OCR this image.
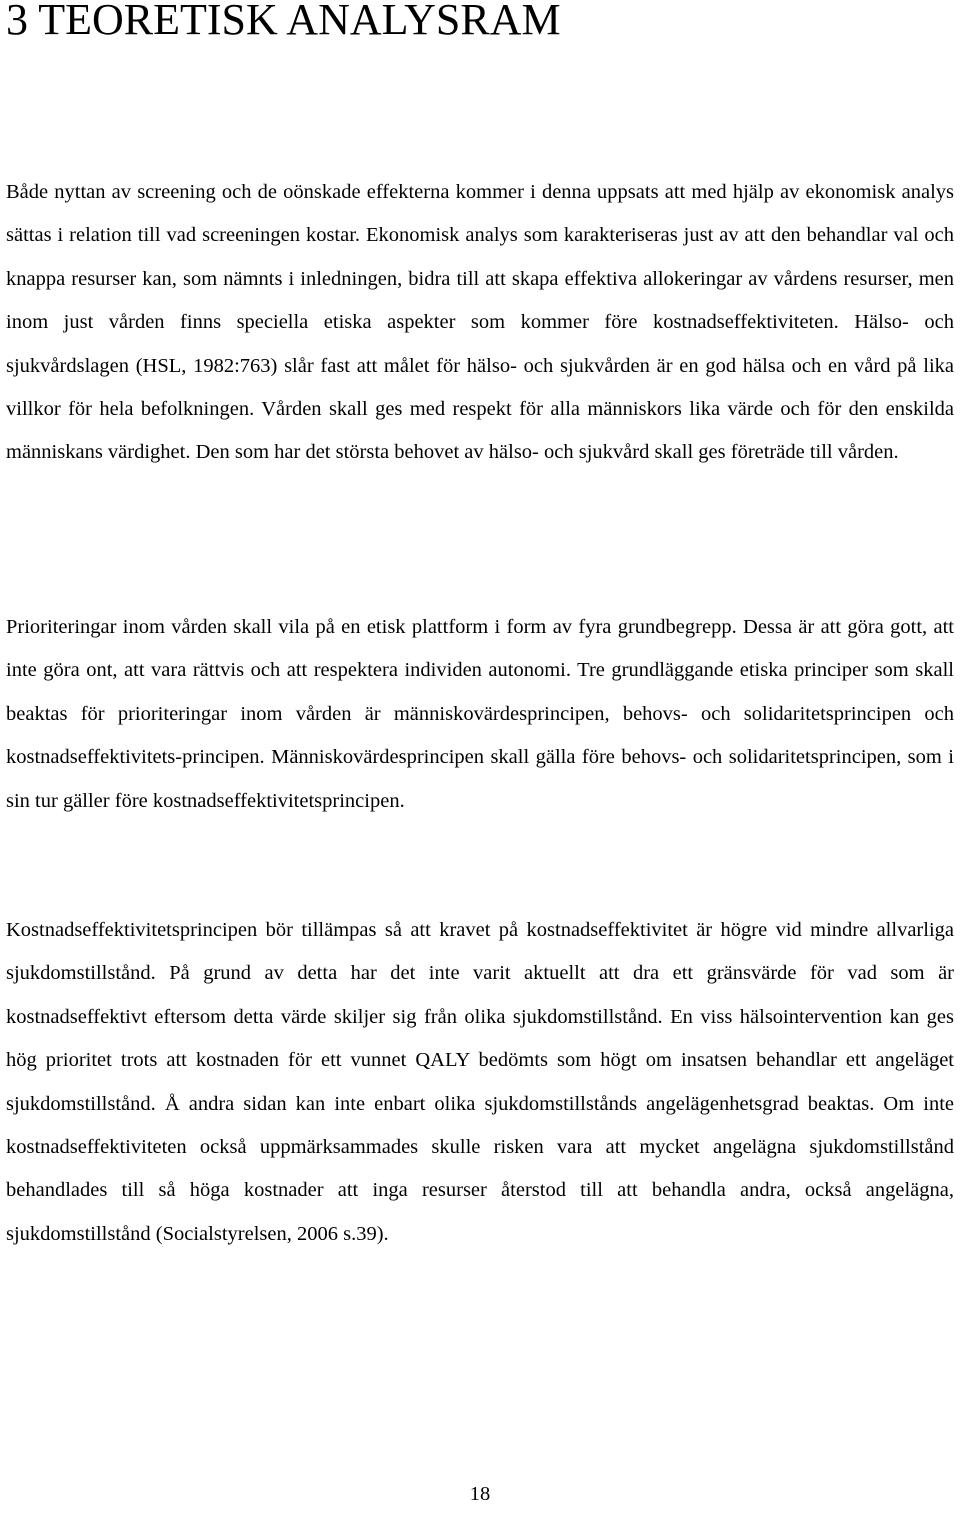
3 TEORETISK ANALYSRAM

Både nyttan av screening och de oönskade effekterna kommer i denna uppsats att med hjälp av ekonomisk analys sättas i relation till vad screeningen kostar. Ekonomisk analys som karakteriseras just av att den behandlar val och knappa resurser kan, som nämnts i inledningen, bidra till att skapa effektiva allokeringar av vårdens resurser, men inom just vården finns speciella etiska aspekter som kommer före kostnadseffektiviteten. Hälso- och sjukvårdslagen (HSL, 1982:763) slår fast att målet för hälso- och sjukvården är en god hälsa och en vård på lika villkor för hela befolkningen. Vården skall ges med respekt för alla människors lika värde och för den enskilda människans värdighet. Den som har det största behovet av hälso- och sjukvård skall ges företräde till vården.

Prioriteringar inom vården skall vila på en etisk plattform i form av fyra grundbegrepp. Dessa är att göra gott, att inte göra ont, att vara rättvis och att respektera individen autonomi. Tre grundläggande etiska principer som skall beaktas för prioriteringar inom vården är människovärdesprincipen, behovs- och solidaritetsprincipen och kostnadseffektivitets-principen. Människovärdesprincipen skall gälla före behovs- och solidaritetsprincipen, som i sin tur gäller före kostnadseffektivitetsprincipen.

Kostnadseffektivitetsprincipen bör tillämpas så att kravet på kostnadseffektivitet är högre vid mindre allvarliga sjukdomstillstånd. På grund av detta har det inte varit aktuellt att dra ett gränsvärde för vad som är kostnadseffektivt eftersom detta värde skiljer sig från olika sjukdomstillstånd. En viss hälsointervention kan ges hög prioritet trots att kostnaden för ett vunnet QALY bedömts som högt om insatsen behandlar ett angeläget sjukdomstillstånd. Å andra sidan kan inte enbart olika sjukdomstillstånds angelägenhetsgrad beaktas. Om inte kostnadseffektiviteten också uppmärksammades skulle risken vara att mycket angelägna sjukdomstillstånd behandlades till så höga kostnader att inga resurser återstod till att behandla andra, också angelägna, sjukdomstillstånd (Socialstyrelsen, 2006 s.39).

18
